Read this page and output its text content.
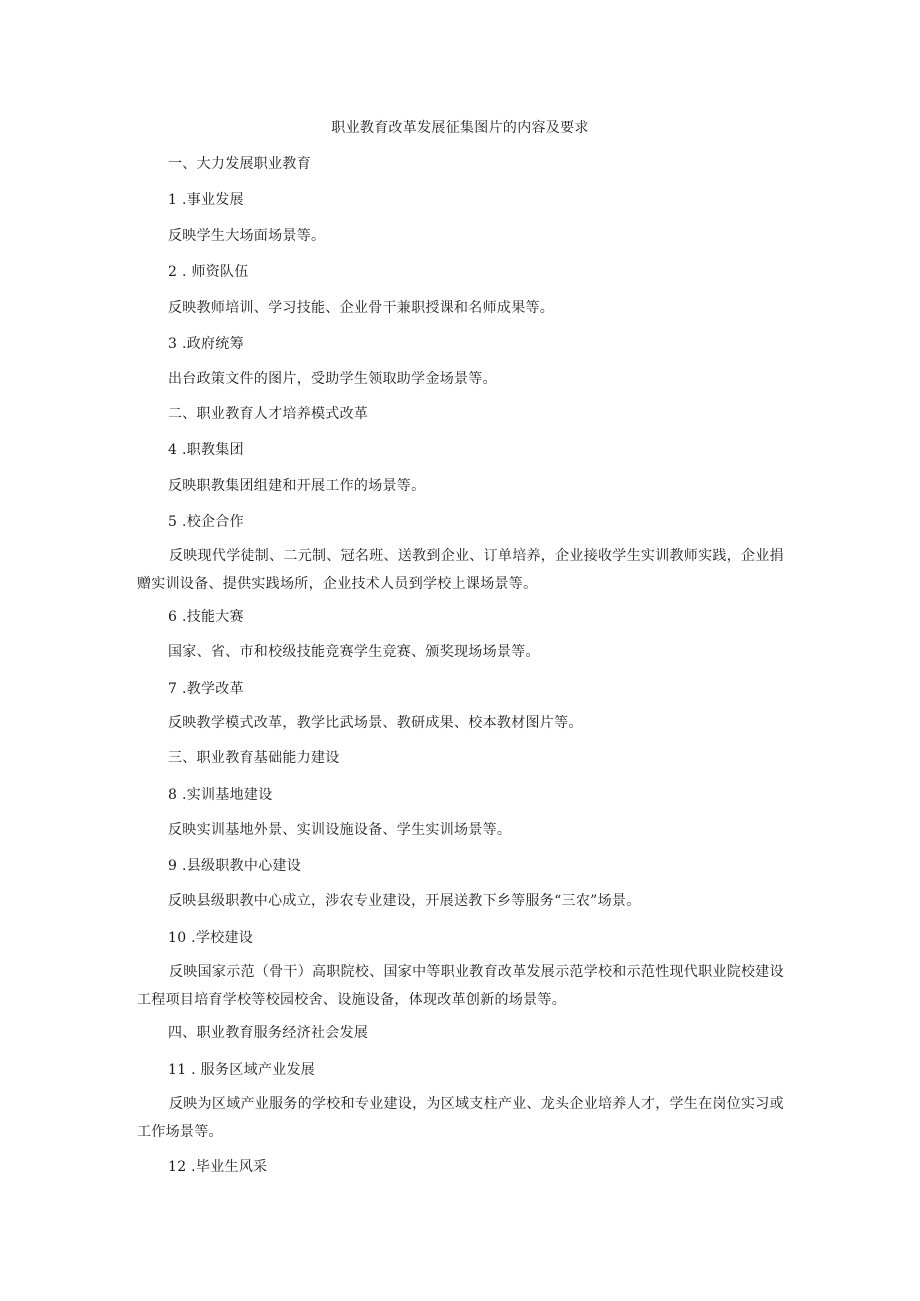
职业教育改革发展征集图片的内容及要求
一、大力发展职业教育
1 .事业发展
反映学生大场面场景等。
2 . 师资队伍
反映教师培训、学习技能、企业骨干兼职授课和名师成果等。
3 .政府统筹
出台政策文件的图片，受助学生领取助学金场景等。
二、职业教育人才培养模式改革
4 .职教集团
反映职教集团组建和开展工作的场景等。
5 .校企合作
反映现代学徒制、二元制、冠名班、送教到企业、订单培养，企业接收学生实训教师实践，企业捐赠实训设备、提供实践场所，企业技术人员到学校上课场景等。
6 .技能大赛
国家、省、市和校级技能竞赛学生竞赛、颁奖现场场景等。
7 .教学改革
反映教学模式改革，教学比武场景、教研成果、校本教材图片等。
三、职业教育基础能力建设
8 .实训基地建设
反映实训基地外景、实训设施设备、学生实训场景等。
9 .县级职教中心建设
反映县级职教中心成立，涉农专业建设，开展送教下乡等服务“三农”场景。
10 .学校建设
反映国家示范（骨干）高职院校、国家中等职业教育改革发展示范学校和示范性现代职业院校建设工程项目培育学校等校园校舍、设施设备，体现改革创新的场景等。
四、职业教育服务经济社会发展
11 . 服务区域产业发展
反映为区域产业服务的学校和专业建设，为区域支柱产业、龙头企业培养人才，学生在岗位实习或工作场景等。
12 .毕业生风采
